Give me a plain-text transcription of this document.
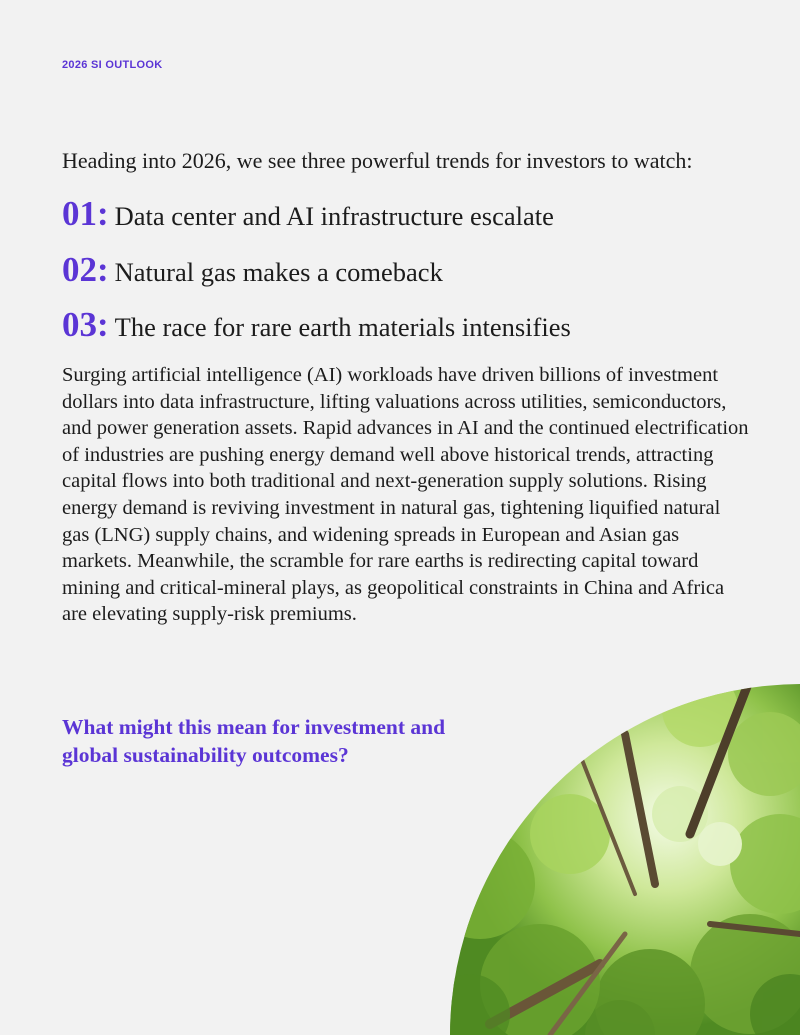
2026 SI OUTLOOK
Heading into 2026, we see three powerful trends for investors to watch:
01: Data center and AI infrastructure escalate
02: Natural gas makes a comeback
03: The race for rare earth materials intensifies

Surging artificial intelligence (AI) workloads have driven billions of investment dollars into data infrastructure, lifting valuations across utilities, semiconductors, and power generation assets. Rapid advances in AI and the continued electrification of industries are pushing energy demand well above historical trends, attracting capital flows into both traditional and next-generation supply solutions. Rising energy demand is reviving investment in natural gas, tightening liquified natural gas (LNG) supply chains, and widening spreads in European and Asian gas markets. Meanwhile, the scramble for rare earths is redirecting capital toward mining and critical-mineral plays, as geopolitical constraints in China and Africa are elevating supply-risk premiums.

What might this mean for investment and global sustainability outcomes?
